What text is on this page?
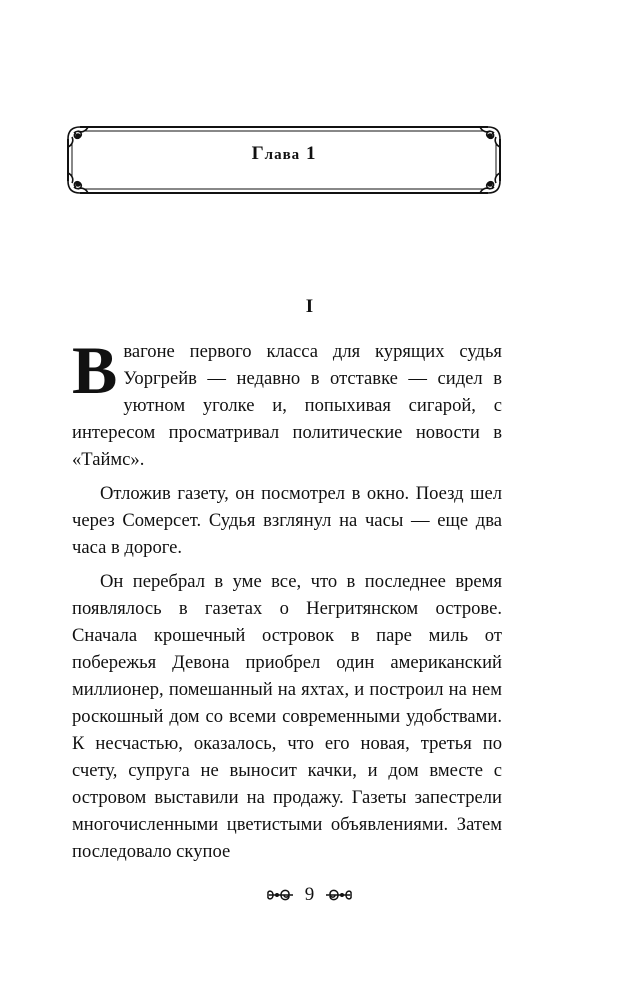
Глава 1
I

Ввагоне первого класса для курящих судья Уоргрейв — недавно в отставке — сидел в уютном уголке и, попыхивая сигарой, с интересом просматривал политические новости в «Таймс».

Отложив газету, он посмотрел в окно. Поезд шел через Сомерсет. Судья взглянул на часы — еще два часа в дороге.

Он перебрал в уме все, что в последнее время появлялось в газетах о Негритянском острове. Сначала крошечный островок в паре миль от побережья Девона приобрел один американский миллионер, помешанный на яхтах, и построил на нем роскошный дом со всеми современными удобствами. К несчастью, оказалось, что его новая, третья по счету, супруга не выносит качки, и дом вместе с островом выставили на продажу. Газеты запестрели многочисленными цветистыми объявлениями. Затем последовало скупое

9
